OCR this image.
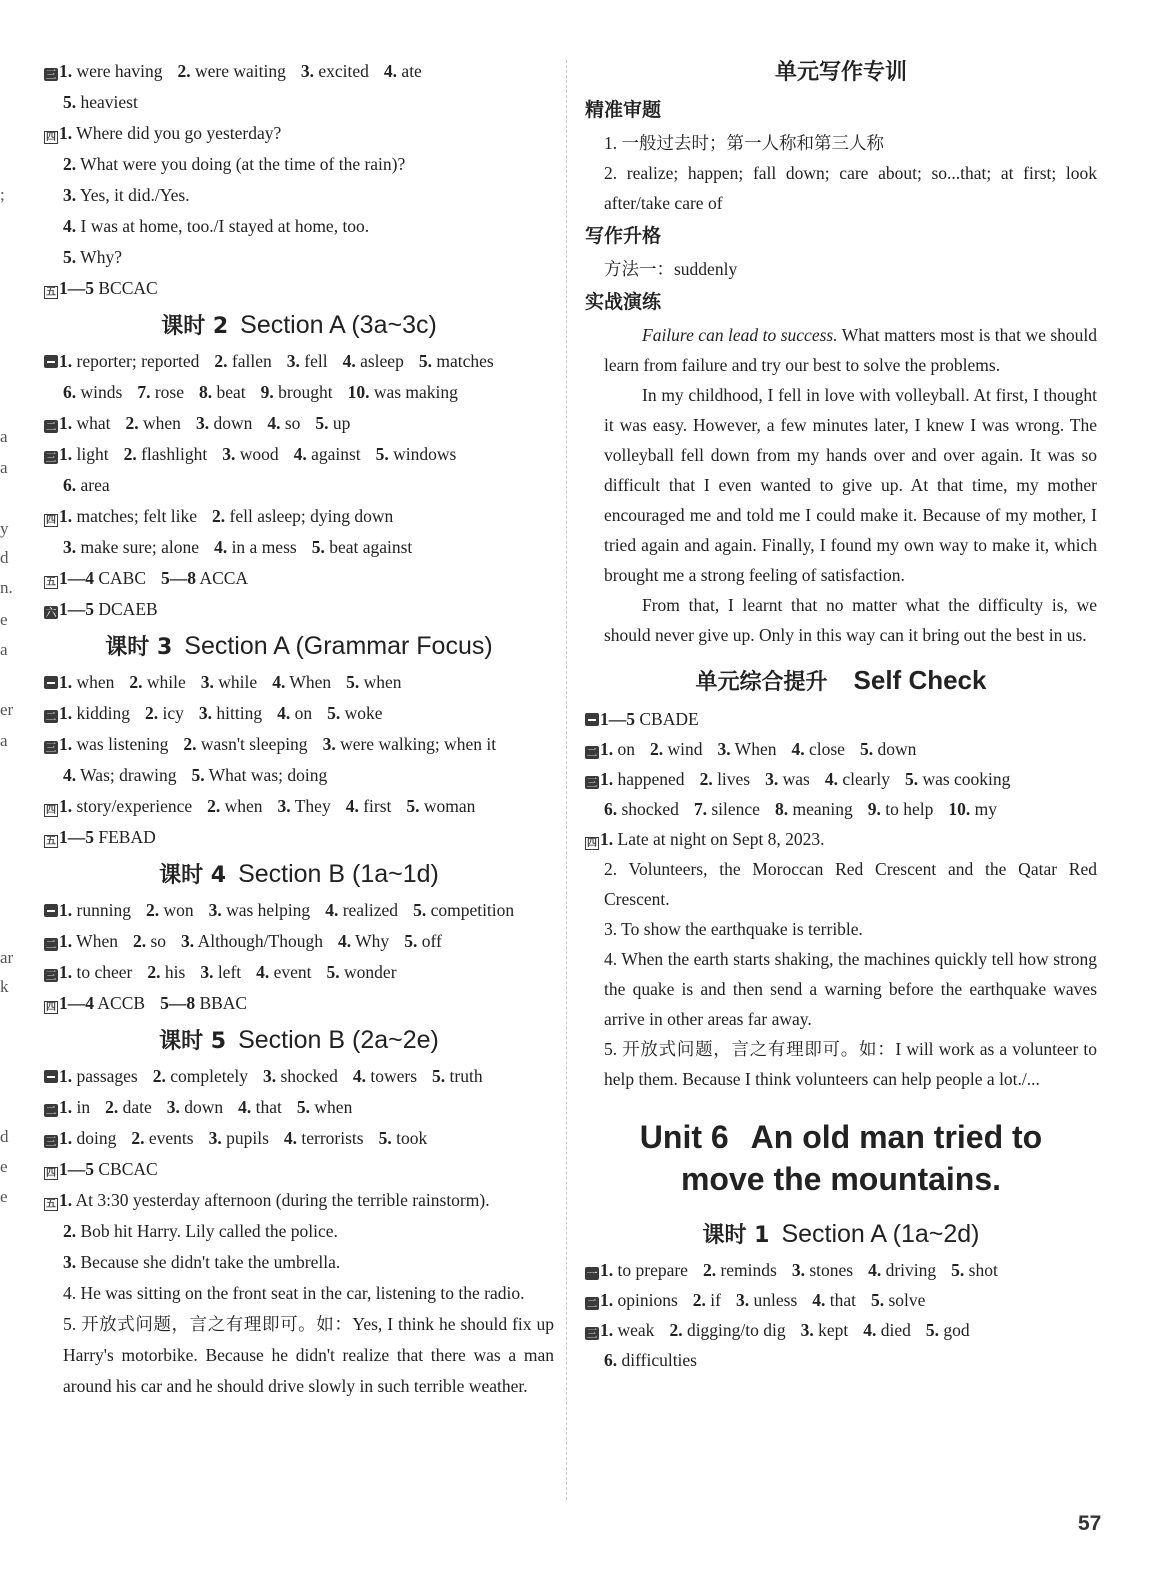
;
a
a
y
d
n.
e
a
er
a
ar
k
d
e
e
三 1. were having 2. were waiting 3. excited 4. ate
5. heaviest
四 1. Where did you go yesterday?
2. What were you doing (at the time of the rain)?
3. Yes, it did./Yes.
4. I was at home, too./I stayed at home, too.
5. Why?
五 1—5 BCCAC
课时 2 Section A (3a~3c)
1. reporter; reported 2. fallen 3. fell 4. asleep 5. matches
6. winds 7. rose 8. beat 9. brought 10. was making
二 1. what 2. when 3. down 4. so 5. up
三 1. light 2. flashlight 3. wood 4. against 5. windows
6. area
四 1. matches; felt like 2. fell asleep; dying down
3. make sure; alone 4. in a mess 5. beat against
五 1—4 CABC 5—8 ACCA
六 1—5 DCAEB
课时 3 Section A (Grammar Focus)
1. when 2. while 3. while 4. When 5. when
二 1. kidding 2. icy 3. hitting 4. on 5. woke
三 1. was listening 2. wasn't sleeping 3. were walking; when it
4. Was; drawing 5. What was; doing
四 1. story/experience 2. when 3. They 4. first 5. woman
五 1—5 FEBAD
课时 4 Section B (1a~1d)
1. running 2. won 3. was helping 4. realized 5. competition
二 1. When 2. so 3. Although/Though 4. Why 5. off
三 1. to cheer 2. his 3. left 4. event 5. wonder
四 1—4 ACCB 5—8 BBAC
课时 5 Section B (2a~2e)
1. passages 2. completely 3. shocked 4. towers 5. truth
二 1. in 2. date 3. down 4. that 5. when
三 1. doing 2. events 3. pupils 4. terrorists 5. took
四 1—5 CBCAC
五 1. At 3:30 yesterday afternoon (during the terrible rainstorm).
2. Bob hit Harry. Lily called the police.
3. Because she didn't take the umbrella.
4. He was sitting on the front seat in the car, listening to the radio.
5. 开放式问题，言之有理即可。如：Yes, I think he should fix up Harry's motorbike. Because he didn't realize that there was a man around his car and he should drive slowly in such terrible weather.
单元写作专训
精准审题
1. 一般过去时；第一人称和第三人称
2. realize; happen; fall down; care about; so...that; at first; look after/take care of
写作升格
方法一：suddenly
实战演练
Failure can lead to success. What matters most is that we should learn from failure and try our best to solve the problems.
In my childhood, I fell in love with volleyball. At first, I thought it was easy. However, a few minutes later, I knew I was wrong. The volleyball fell down from my hands over and over again. It was so difficult that I even wanted to give up. At that time, my mother encouraged me and told me I could make it. Because of my mother, I tried again and again. Finally, I found my own way to make it, which brought me a strong feeling of satisfaction.
From that, I learnt that no matter what the difficulty is, we should never give up. Only in this way can it bring out the best in us.
单元综合提升 Self Check
1—5 CBADE
二 1. on 2. wind 3. When 4. close 5. down
三 1. happened 2. lives 3. was 4. clearly 5. was cooking
6. shocked 7. silence 8. meaning 9. to help 10. my
四 1. Late at night on Sept 8, 2023.
2. Volunteers, the Moroccan Red Crescent and the Qatar Red Crescent.
3. To show the earthquake is terrible.
4. When the earth starts shaking, the machines quickly tell how strong the quake is and then send a warning before the earthquake waves arrive in other areas far away.
5. 开放式问题，言之有理即可。如：I will work as a volunteer to help them. Because I think volunteers can help people a lot./...
Unit 6 An old man tried to
move the mountains.
课时 1 Section A (1a~2d)
一 1. to prepare 2. reminds 3. stones 4. driving 5. shot
二 1. opinions 2. if 3. unless 4. that 5. solve
三 1. weak 2. digging/to dig 3. kept 4. died 5. god
6. difficulties
57
